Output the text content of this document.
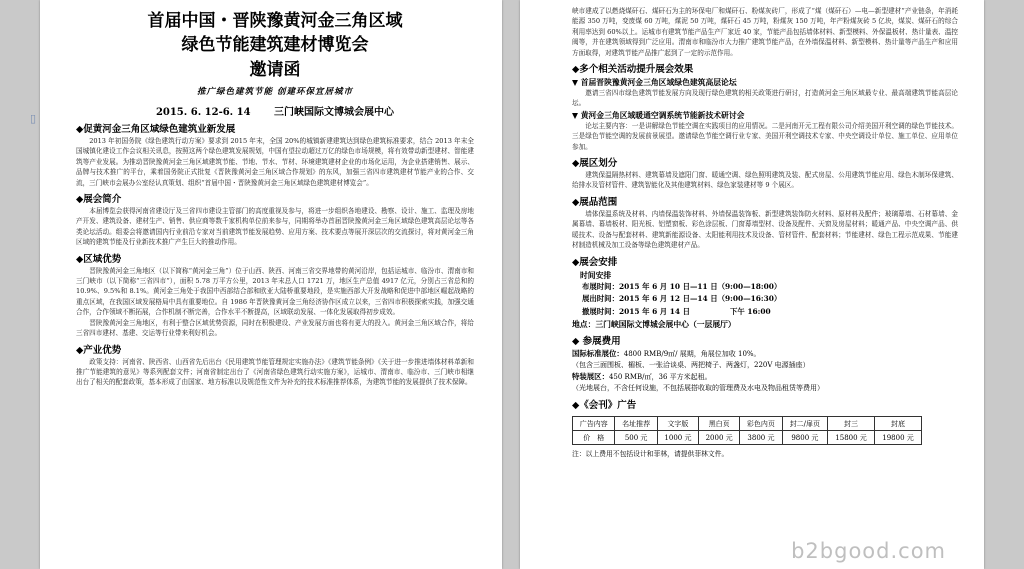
首届中国・晋陕豫黄河金三角区域
绿色节能建筑建材博览会
邀请函
推广绿色建筑节能 创建环保宜居城市
2015. 6. 12-6. 14 三门峡国际文博城会展中心
◆促黄河金三角区域绿色建筑业新发展
2013 年初国务院《绿色建筑行动方案》要求到 2015 年末，全国 20%的城镇新建建筑达到绿色建筑标准要求，结合 2013 年末全国城镇化建设工作会议相关讯息，按照这两个绿色建筑发展规划，中国有望拉动超过万亿的绿色市场规模，将有效带动新型建材、智能建筑等产业发展。为推动晋陕豫黄河金三角区域建筑节能、节地、节水、节材、环境建筑建材企业的市场化运用，为企业搭建销售、展示、品牌与技术推广的平台，乘着国务院正式批复《晋陕豫黄河金三角区域合作规划》的东风，加强三省四市建筑建材节能产业的合作、交流，三门峡市会展办公室经认真策划、组织“首届中国・晋陕豫黄河金三角区域绿色建筑建材博览会”。
◆展会简介
本届博览会获得河南省建设厅及三省四市建设主管部门的高度重视及参与，将进一步组织各地建设、勘察、设计、施工、监理及房地产开发、建筑设备、建材生产、销售、供应商等数千家机构单位前来参与，同期将举办首届晋陕豫黄河金三角区域绿色建筑高层论坛等各类论坛活动。组委会将邀请国内行业前沿专家对当前建筑节能发展趋势、应用方案、技术要点等展开深层次的交流探讨，将对黄河金三角区域的建筑节能及行业新技术推广产生巨大的推动作用。
◆区域优势
晋陕豫黄河金三角地区（以下简称“黄河金三角”）位于山西、陕西、河南三省交界地带的黄河沿岸，包括运城市、临汾市、渭南市和三门峡市（以下简称“三省四市”），面积 5.78 万平方公里，2013 年末总人口 1721 万，地区生产总值 4917 亿元，分别占三省总和的 10.9%、9.5%和 8.1%。黄河金三角处于我国中西部结合部和欧亚大陆桥重要地段，是实施西部大开发战略和促进中部地区崛起战略的重点区域，在我国区域发展格局中具有重要地位。自 1986 年晋陕豫黄河金三角经济协作区成立以来，三省四市积极探索实践，加强交通合作，合作领域不断拓展，合作机制不断完善，合作水平不断提高，区域联动发展、一体化发展取得初步成效。
晋陕豫黄河金三角地区，有利于整合区域优势资源，同时在积极建设、产业发展方面也将有更大的投入。黄河金三角区域合作，将给三省四市建材、基建、交运等行业带来利好机会。
◆产业优势
政策支持：河南省、陕西省、山西省先后出台《民用建筑节能管理规定实施办法》《建筑节能条例》《关于进一步推进墙体材料革新和推广节能建筑的意见》等系列配套文件；河南省制定出台了《河南省绿色建筑行动实施方案》，运城市、渭南市、临汾市、三门峡市相继出台了相关的配套政策，基本形成了由国家、地方标准以及规范性文件为补充的技术标准推荐体系，为建筑节能的发展提供了技术保障。
▯
峡市建成了以燃烧煤矸石、煤矸石为主的环保电厂和煤矸石、粉煤灰砖厂，形成了“煤（煤矸石）—电—新型建材”产业链条，年消耗能源 350 万吨，变废煤 60 万吨，煤泥 50 万吨，煤矸石 45 万吨，粉煤灰 150 万吨，年产粉煤灰砖 5 亿块，煤炭、煤矸石的综合利用率达到 60%以上。运城市有建筑节能产品生产厂家近 40 家，节能产品包括墙体材料、新型模料、外保温板材、热计量表、温控阀等，并在建筑领域得到广泛应用。渭南市和临汾市大力推广建筑节能产品，在外墙保温材料、新型模料、热计量等产品生产和应用方面取得，对建筑节能产品推广起到了一定的示范作用。
◆多个相关活动提升展会效果
▼ 首届晋陕豫黄河金三角区域绿色建筑高层论坛
邀请三省四市绿色建筑节能发展方向及现行绿色建筑的相关政策进行研讨，打造黄河金三角区域最专业、最高端建筑节能高层论坛。
▼ 黄河金三角区域暖通空调系统节能新技术研讨会
论坛主要内容：一是讲解绿色节能空调在实践项目的应用情况。二是河南开元工程有限公司介绍美国开利空调的绿色节能技术。三是绿色节能空调的发展前景展望。邀请绿色节能空调行业专家、美国开利空调技术专家、中央空调设计单位、施工单位、应用单位参加。
◆展区划分
建筑保温隔热材料、建筑幕墙及遮阳门窗、暖通空调、绿色照明建筑及装、配式房屋、公用建筑节能应用、绿色木制环保建筑、给排水及管材管件、建筑智能化及其他建筑材料、绿色家装建材等 9 个展区。
◆展品范围
墙体保温系统及材料、内墙保温装饰材料、外墙保温装饰板、新型建筑装饰防火材料、原材料及配件；玻璃幕墙、石材幕墙、金属幕墙、幕墙板材、阳光板、铝塑窗板、彩色涂层板、门窗幕墙型材、设备及配件、天窗及房屋材料；暖通产品、中央空调产品、供暖技术、设备与配套材料、建筑新能源设备、太阳能利用技术及设备、管材管件、配套材料；节能建材、绿色工程示范成果、节能建材制造机械及加工设备等绿色建筑建材产品。
◆展会安排
时间安排
布展时间：2015 年 6 月 10 日—11 日（9:00—18:00）
展出时间：2015 年 6 月 12 日—14 日（9:00—16:30）
撤展时间：2015 年 6 月 14 日	下午 16:00
地点：三门峡国际文博城会展中心（一层展厅）
◆ 参展费用
国际标准展位：4800 RMB/9㎡/ 展期，角展位加收 10%。
（包含三面围板、楣板、一张洽谈桌、两把椅子、两盏灯，220V 电源插座）
特装展区：450 RMB/㎡，36 平方米起租。
（光地展台，不含任何设施，不包括展搭收取的管理费及水电及物品租赁等费用）
◆《会刊》广告
广告内容	名址推荐	文字版	黑白页	彩色内页	封二/扉页	封三	封底
价　格	500 元	1000 元	2000 元	3800 元	9800 元	15800 元	19800 元
注：以上费用不包括设计和菲林，请提供菲林文件。
b2bgood.com
